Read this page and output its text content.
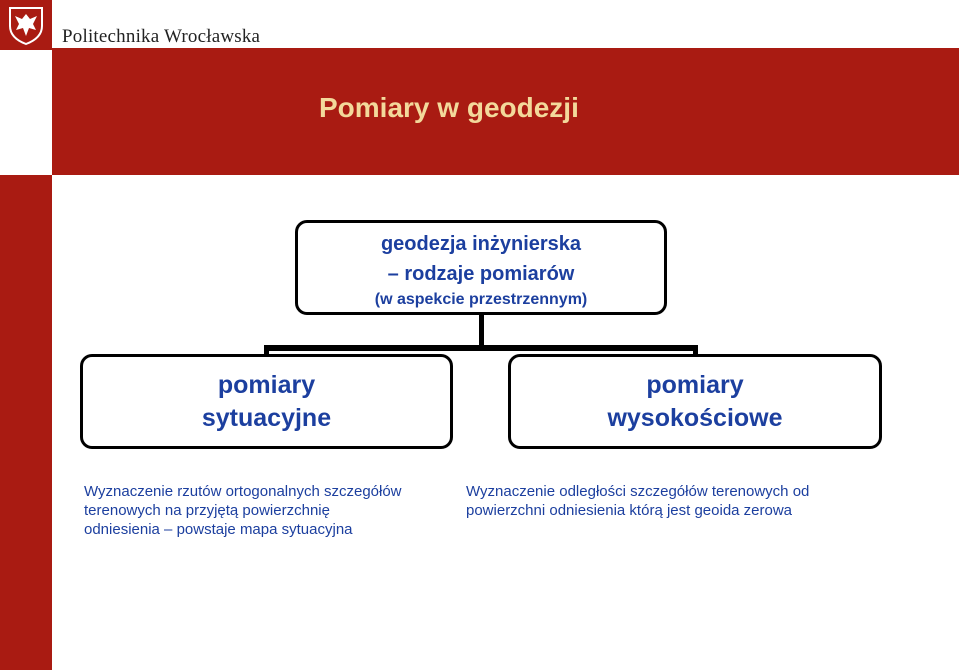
Politechnika Wrocławska
Pomiary w geodezji
geodezja inżynierska
– rodzaje pomiarów
(w aspekcie przestrzennym)
pomiary
sytuacyjne
pomiary
wysokościowe
Wyznaczenie rzutów ortogonalnych szczegółów
terenowych na przyjętą powierzchnię
odniesienia – powstaje mapa sytuacyjna
Wyznaczenie odległości szczegółów terenowych od
powierzchni odniesienia którą jest geoida zerowa
